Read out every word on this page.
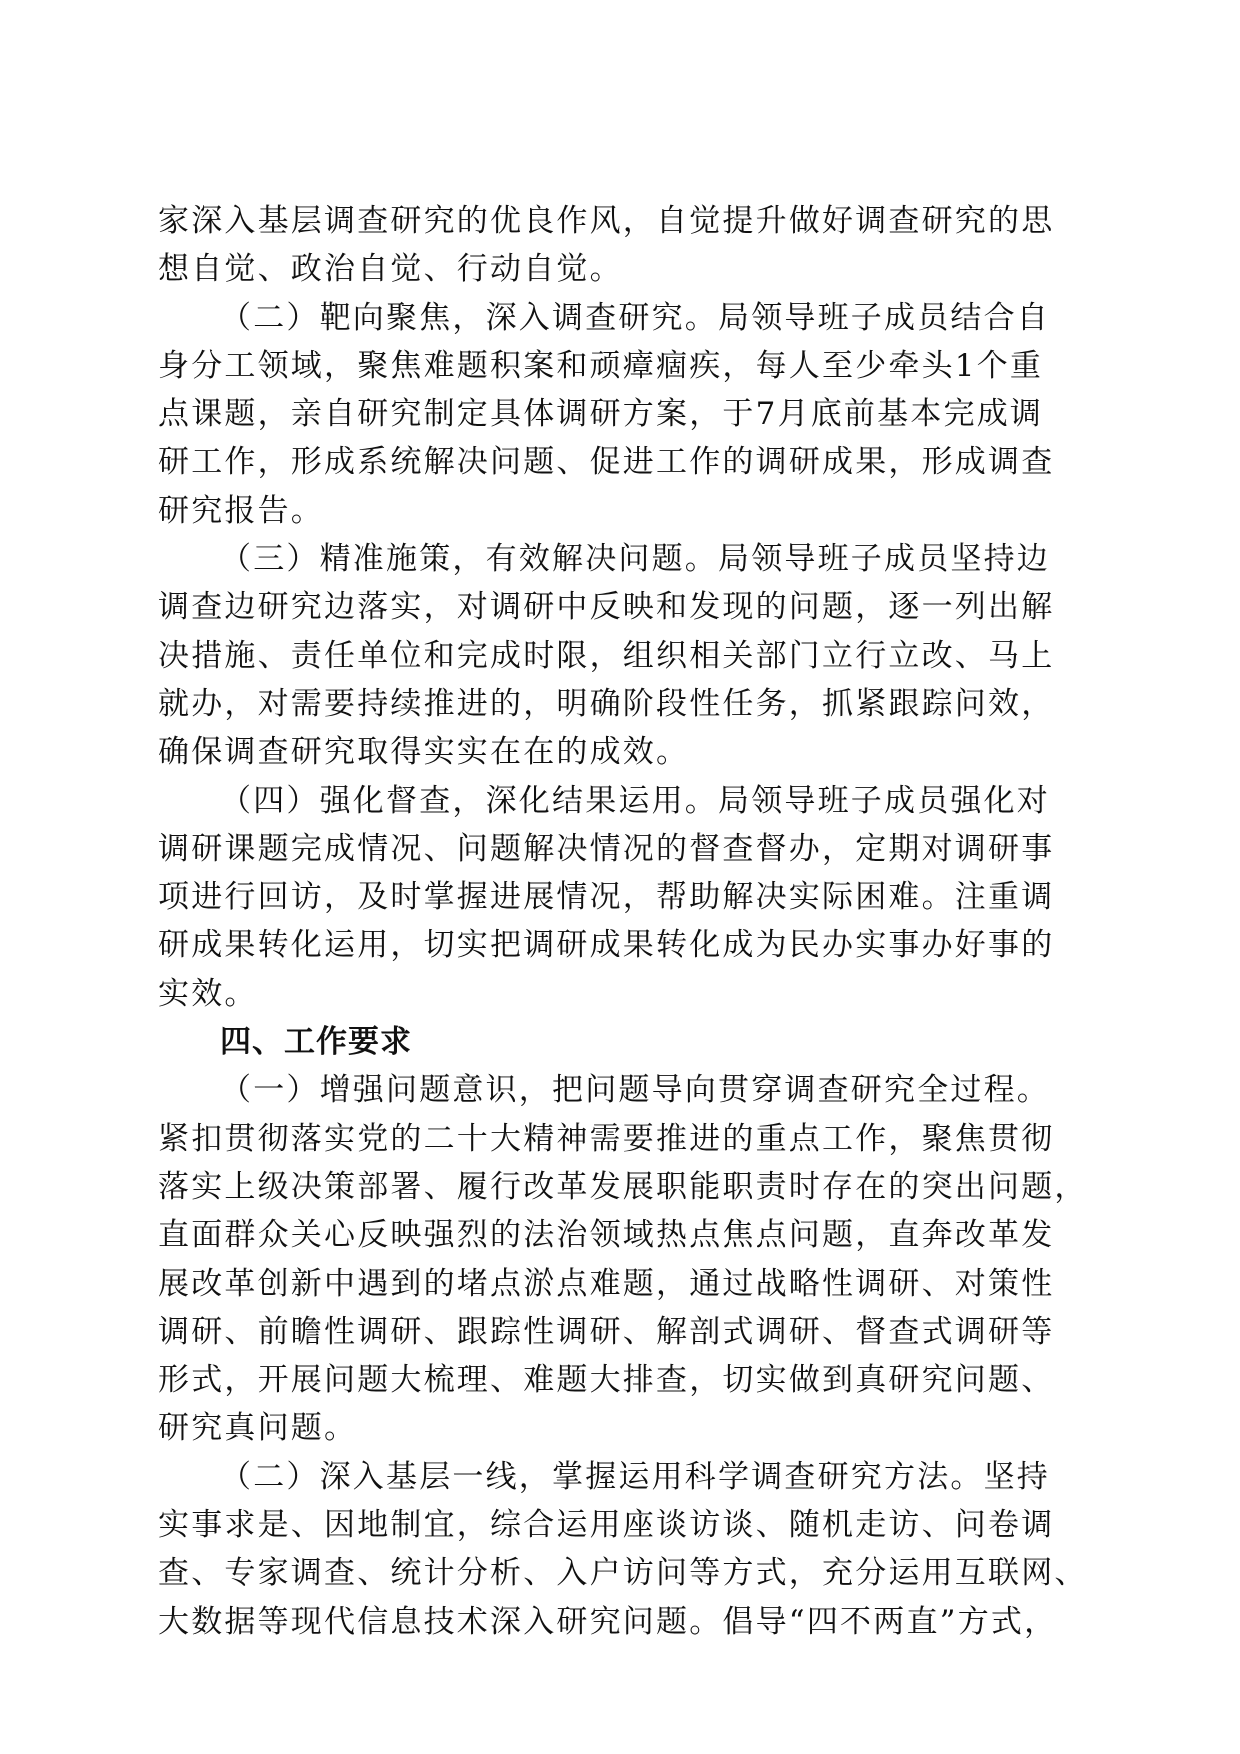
家深入基层调查研究的优良作风，自觉提升做好调查研究的思
想自觉、政治自觉、行动自觉。
（二）靶向聚焦，深入调查研究。局领导班子成员结合自
身分工领域，聚焦难题积案和顽瘴痼疾，每人至少牵头1个重
点课题，亲自研究制定具体调研方案，于7月底前基本完成调
研工作，形成系统解决问题、促进工作的调研成果，形成调查
研究报告。
（三）精准施策，有效解决问题。局领导班子成员坚持边
调查边研究边落实，对调研中反映和发现的问题，逐一列出解
决措施、责任单位和完成时限，组织相关部门立行立改、马上
就办，对需要持续推进的，明确阶段性任务，抓紧跟踪问效，
确保调查研究取得实实在在的成效。
（四）强化督查，深化结果运用。局领导班子成员强化对
调研课题完成情况、问题解决情况的督查督办，定期对调研事
项进行回访，及时掌握进展情况，帮助解决实际困难。注重调
研成果转化运用，切实把调研成果转化成为民办实事办好事的
实效。
四、工作要求
（一）增强问题意识，把问题导向贯穿调查研究全过程。
紧扣贯彻落实党的二十大精神需要推进的重点工作，聚焦贯彻
落实上级决策部署、履行改革发展职能职责时存在的突出问题，
直面群众关心反映强烈的法治领域热点焦点问题，直奔改革发
展改革创新中遇到的堵点淤点难题，通过战略性调研、对策性
调研、前瞻性调研、跟踪性调研、解剖式调研、督查式调研等
形式，开展问题大梳理、难题大排查，切实做到真研究问题、
研究真问题。
（二）深入基层一线，掌握运用科学调查研究方法。坚持
实事求是、因地制宜，综合运用座谈访谈、随机走访、问卷调
查、专家调查、统计分析、入户访问等方式，充分运用互联网、
大数据等现代信息技术深入研究问题。倡导“四不两直”方式，
